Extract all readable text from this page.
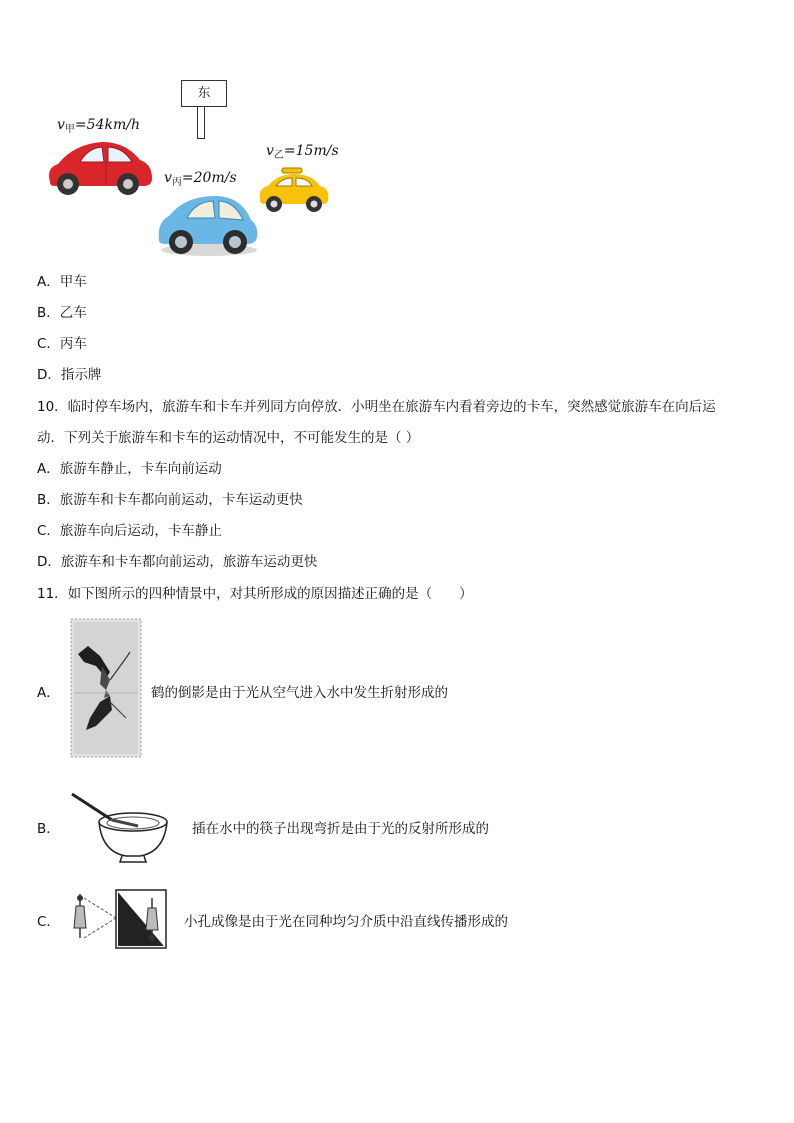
东
$v_甲=54km/h$
$v_乙=15m/s$
$v_丙=20m/s$
A．甲车
B．乙车
C．丙车
D．指示牌
10．临时停车场内，旅游车和卡车并列同方向停放．小明坐在旅游车内看着旁边的卡车，突然感觉旅游车在向后运
动．下列关于旅游车和卡车的运动情况中，不可能发生的是（ ）
A．旅游车静止，卡车向前运动
B．旅游车和卡车都向前运动，卡车运动更快
C．旅游车向后运动，卡车静止
D．旅游车和卡车都向前运动，旅游车运动更快
11．如下图所示的四种情景中，对其所形成的原因描述正确的是（　　）
A．	鹤的倒影是由于光从空气进入水中发生折射形成的
B．	插在水中的筷子出现弯折是由于光的反射所形成的
C．	小孔成像是由于光在同种均匀介质中沿直线传播形成的
